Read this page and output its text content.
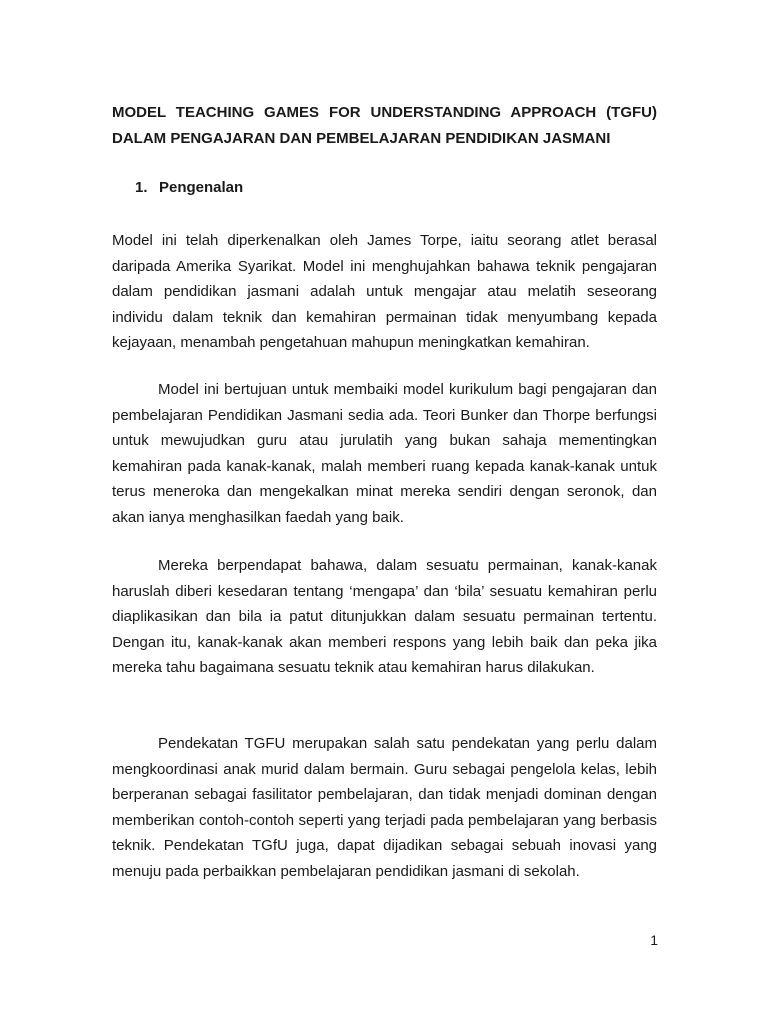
MODEL TEACHING GAMES FOR UNDERSTANDING APPROACH (TGFU)
DALAM PENGAJARAN DAN PEMBELAJARAN PENDIDIKAN JASMANI
1. Pengenalan

Model ini telah diperkenalkan oleh James Torpe, iaitu seorang atlet berasal daripada Amerika Syarikat. Model ini menghujahkan bahawa teknik pengajaran dalam pendidikan jasmani adalah untuk mengajar atau melatih seseorang individu dalam teknik dan kemahiran permainan tidak menyumbang kepada kejayaan, menambah pengetahuan mahupun meningkatkan kemahiran.

Model ini bertujuan untuk membaiki model kurikulum bagi pengajaran dan pembelajaran Pendidikan Jasmani sedia ada. Teori Bunker dan Thorpe berfungsi untuk mewujudkan guru atau jurulatih yang bukan sahaja mementingkan kemahiran pada kanak-kanak, malah memberi ruang kepada kanak-kanak untuk terus meneroka dan mengekalkan minat mereka sendiri dengan seronok, dan akan ianya menghasilkan faedah yang baik.

Mereka berpendapat bahawa, dalam sesuatu permainan, kanak-kanak haruslah diberi kesedaran tentang ‘mengapa’ dan ‘bila’ sesuatu kemahiran perlu diaplikasikan dan bila ia patut ditunjukkan dalam sesuatu permainan tertentu. Dengan itu, kanak-kanak akan memberi respons yang lebih baik dan peka jika mereka tahu bagaimana sesuatu teknik atau kemahiran harus dilakukan.

Pendekatan TGFU merupakan salah satu pendekatan yang perlu dalam mengkoordinasi anak murid dalam bermain. Guru sebagai pengelola kelas, lebih berperanan sebagai fasilitator pembelajaran, dan tidak menjadi dominan dengan memberikan contoh-contoh seperti yang terjadi pada pembelajaran yang berbasis teknik. Pendekatan TGfU juga, dapat dijadikan sebagai sebuah inovasi yang menuju pada perbaikkan pembelajaran pendidikan jasmani di sekolah.

1
